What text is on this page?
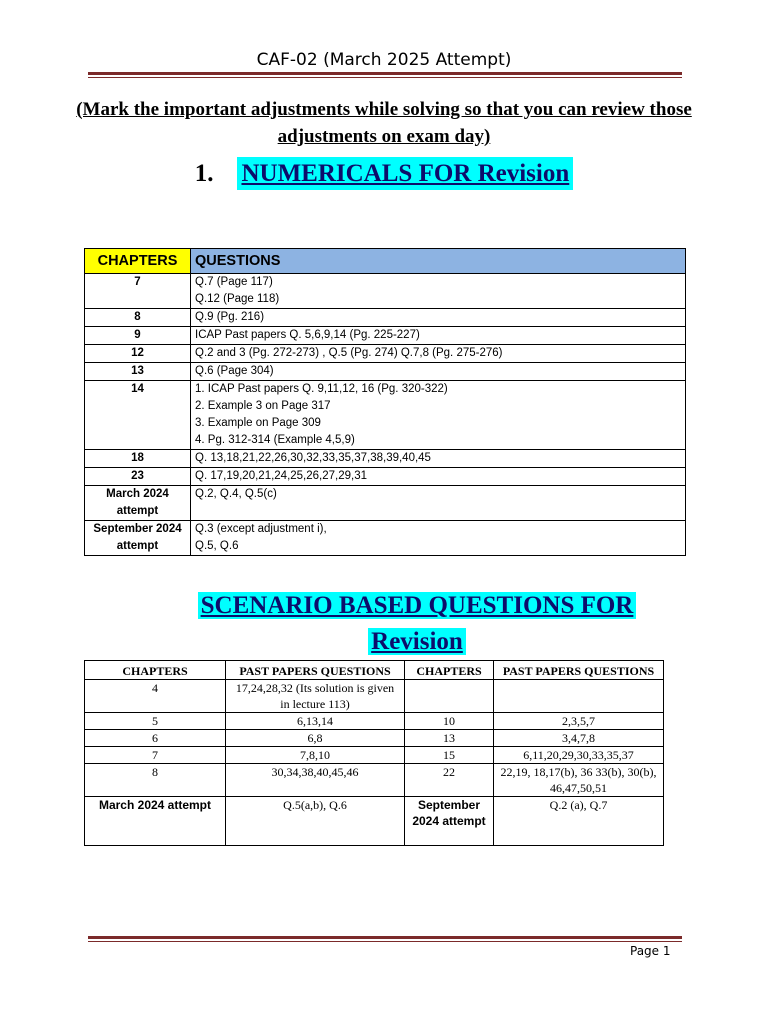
CAF-02 (March 2025 Attempt)
(Mark the important adjustments while solving so that you can review those adjustments on exam day)
1. NUMERICALS FOR Revision
CHAPTERS	QUESTIONS
7	Q.7 (Page 117)
Q.12 (Page 118)

8	Q.9 (Pg. 216)

9	ICAP Past papers Q. 5,6,9,14 (Pg. 225-227)

12	Q.2 and 3 (Pg. 272-273) , Q.5 (Pg. 274) Q.7,8 (Pg. 275-276)

13	Q.6 (Page 304)

14	1. ICAP Past papers Q. 9,11,12, 16 (Pg. 320-322)
2. Example 3 on Page 317
3. Example on Page 309
4. Pg. 312-314 (Example 4,5,9)

18	Q. 13,18,21,22,26,30,32,33,35,37,38,39,40,45

23	Q. 17,19,20,21,24,25,26,27,29,31

March 2024 attempt	Q.2, Q.4, Q.5(c)

September 2024 attempt	Q.3 (except adjustment i),
Q.5, Q.6
SCENARIO BASED QUESTIONS FOR
Revision
CHAPTERS	PAST PAPERS QUESTIONS	CHAPTERS	PAST PAPERS QUESTIONS
4	17,24,28,32 (Its solution is given in lecture 113)		
5	6,13,14	10	2,3,5,7
6	6,8	13	3,4,7,8
7	7,8,10	15	6,11,20,29,30,33,35,37
8	30,34,38,40,45,46	22	22,19, 18,17(b), 36 33(b), 30(b), 46,47,50,51
March 2024 attempt	Q.5(a,b), Q.6	September 2024 attempt	Q.2 (a), Q.7
Page 1
